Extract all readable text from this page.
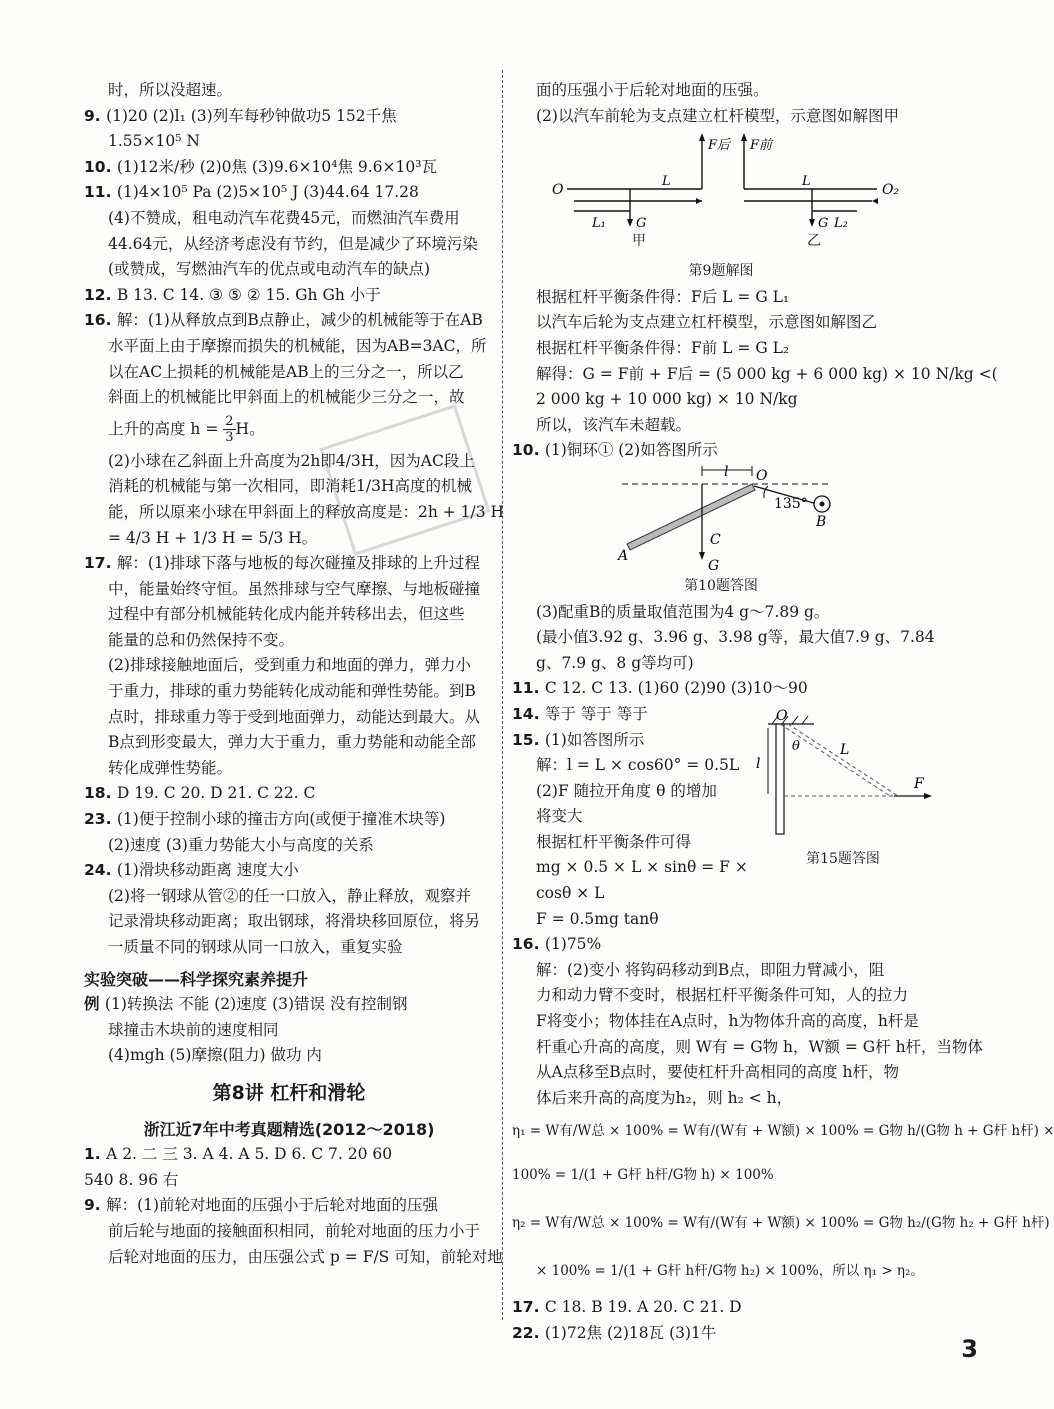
时，所以没超速。
9. (1)20 (2)l₁ (3)列车每秒钟做功5 152千焦
1.55×10⁵ N
10. (1)12米/秒 (2)0焦 (3)9.6×10⁴焦 9.6×10³瓦
11. (1)4×10⁵ Pa (2)5×10⁵ J (3)44.64 17.28
(4)不赞成，租电动汽车花费45元，而燃油汽车费用
44.64元，从经济考虑没有节约，但是减少了环境污染
(或赞成，写燃油汽车的优点或电动汽车的缺点)
12. B 13. C 14. ③ ⑤ ② 15. Gh Gh 小于
16. 解：(1)从释放点到B点静止，减少的机械能等于在AB
水平面上由于摩擦而损失的机械能，因为AB=3AC，所
以在AC上损耗的机械能是AB上的三分之一，所以乙
斜面上的机械能比甲斜面上的机械能少三分之一，故
上升的高度 h =
$\frac{2}{3}$ H。
(2)小球在乙斜面上升高度为2h即4/3H，因为AC段上
消耗的机械能与第一次相同，即消耗1/3H高度的机械
能，所以原来小球在甲斜面上的释放高度是：2h + 1/3 H
= 4/3 H + 1/3 H = 5/3 H。
17. 解：(1)排球下落与地板的每次碰撞及排球的上升过程
中，能量始终守恒。虽然排球与空气摩擦、与地板碰撞
过程中有部分机械能转化成内能并转移出去，但这些
能量的总和仍然保持不变。
(2)排球接触地面后，受到重力和地面的弹力，弹力小
于重力，排球的重力势能转化成动能和弹性势能。到B
点时，排球重力等于受到地面弹力，动能达到最大。从
B点到形变最大，弹力大于重力，重力势能和动能全部
转化成弹性势能。
18. D 19. C 20. D 21. C 22. C
23. (1)便于控制小球的撞击方向(或便于撞准木块等)
(2)速度 (3)重力势能大小与高度的关系
24. (1)滑块移动距离 速度大小
(2)将一钢球从管②的任一口放入，静止释放，观察并
记录滑块移动距离；取出钢球，将滑块移回原位，将另
一质量不同的钢球从同一口放入，重复实验
实验突破——科学探究素养提升
例 (1)转换法 不能 (2)速度 (3)错误 没有控制钢
球撞击木块前的速度相同
(4)mgh (5)摩擦(阻力) 做功 内
第8讲 杠杆和滑轮
浙江近7年中考真题精选(2012～2018)
1. A 2. 二 三 3. A 4. A 5. D 6. C 7. 20 60
540 8. 96 右
9. 解：(1)前轮对地面的压强小于后轮对地面的压强
前后轮与地面的接触面积相同，前轮对地面的压力小于
后轮对地面的压力，由压强公式 p = F/S 可知，前轮对地
面的压强小于后轮对地面的压强。
(2)以汽车前轮为支点建立杠杆模型，示意图如解图甲
O	O₂
F后 F前
L	L
L₁	L₂
G	G
甲	乙
第9题解图
根据杠杆平衡条件得：F后 L = G L₁
以汽车后轮为支点建立杠杆模型，示意图如解图乙
根据杠杆平衡条件得：F前 L = G L₂
解得：G = F前 + F后 = (5 000 kg + 6 000 kg) × 10 N/kg <(
2 000 kg + 10 000 kg) × 10 N/kg
所以，该汽车未超载。
10. (1)铜环① (2)如答图所示
l O
A
B
C
G
135°
第10题答图
(3)配重B的质量取值范围为4 g～7.89 g。
(最小值3.92 g、3.96 g、3.98 g等，最大值7.9 g、7.84
g、7.9 g、8 g等均可)
11. C 12. C 13. (1)60 (2)90 (3)10～90
14. 等于 等于 等于
15. (1)如答图所示
解：l = L × cos60° = 0.5L
(2)F 随拉开角度 θ 的增加
将变大
根据杠杆平衡条件可得
mg × 0.5 × L × sinθ = F ×
cosθ × L
F = 0.5mg tanθ
O
L
l
θ
F
第15题答图
16. (1)75%
解：(2)变小 将钩码移动到B点，即阻力臂减小，阻
力和动力臂不变时，根据杠杆平衡条件可知，人的拉力
F将变小；物体挂在A点时，h为物体升高的高度，h杆是
杆重心升高的高度，则 W有 = G物 h，W额 = G杆 h杆，当物体
从A点移至B点时，要使杠杆升高相同的高度 h杆，物
体后来升高的高度为h₂，则 h₂ < h，
η₁ = W有/W总 × 100% = W有/(W有 + W额) × 100% = G物 h/(G物 h + G杆 h杆) ×
100% = 1/(1 + G杆 h杆/G物 h) × 100%
η₂ = W有/W总 × 100% = W有/(W有 + W额) × 100% = G物 h₂/(G物 h₂ + G杆 h杆)
× 100% = 1/(1 + G杆 h杆/G物 h₂) × 100%，所以 η₁ > η₂。
17. C 18. B 19. A 20. C 21. D
22. (1)72焦 (2)18瓦 (3)1牛
3
